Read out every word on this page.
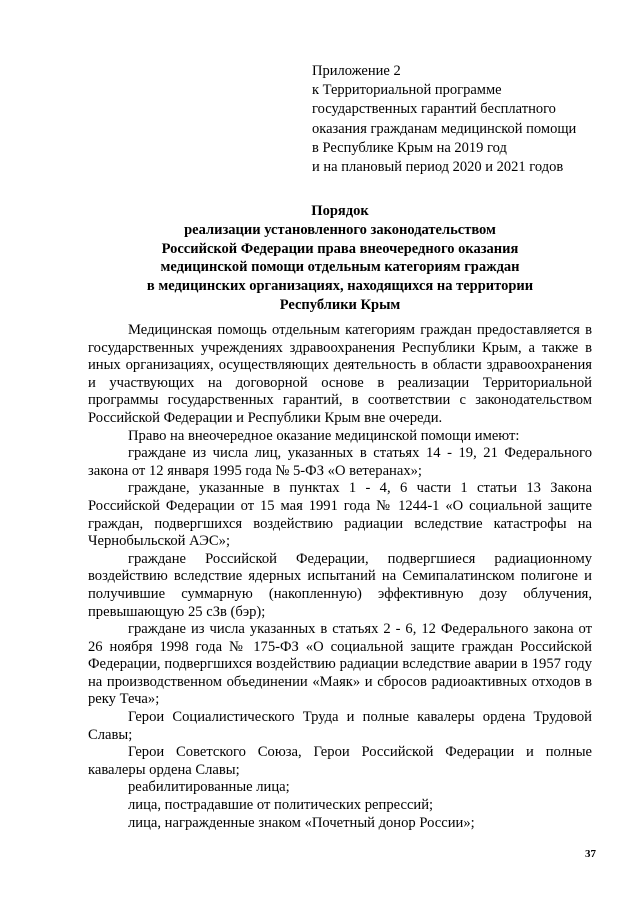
Приложение 2
к Территориальной программе
государственных гарантий бесплатного
оказания гражданам медицинской помощи
в Республике Крым на 2019 год
и на плановый период 2020 и 2021 годов
Порядок
реализации установленного законодательством
Российской Федерации права внеочередного оказания
медицинской помощи отдельным категориям граждан
в медицинских организациях, находящихся на территории
Республики Крым

Медицинская помощь отдельным категориям граждан предоставляется в государственных учреждениях здравоохранения Республики Крым, а также в иных организациях, осуществляющих деятельность в области здравоохранения и участвующих на договорной основе в реализации Территориальной программы государственных гарантий, в соответствии с законодательством Российской Федерации и Республики Крым вне очереди.

Право на внеочередное оказание медицинской помощи имеют:

граждане из числа лиц, указанных в статьях 14 - 19, 21 Федерального закона от 12 января 1995 года № 5-ФЗ «О ветеранах»;

граждане, указанные в пунктах 1 - 4, 6 части 1 статьи 13 Закона Российской Федерации от 15 мая 1991 года № 1244-1 «О социальной защите граждан, подвергшихся воздействию радиации вследствие катастрофы на Чернобыльской АЭС»;

граждане Российской Федерации, подвергшиеся радиационному воздействию вследствие ядерных испытаний на Семипалатинском полигоне и получившие суммарную (накопленную) эффективную дозу облучения, превышающую 25 сЗв (бэр);

граждане из числа указанных в статьях 2 - 6, 12 Федерального закона от 26 ноября 1998 года № 175-ФЗ «О социальной защите граждан Российской Федерации, подвергшихся воздействию радиации вследствие аварии в 1957 году на производственном объединении «Маяк» и сбросов радиоактивных отходов в реку Теча»;

Герои Социалистического Труда и полные кавалеры ордена Трудовой Славы;

Герои Советского Союза, Герои Российской Федерации и полные кавалеры ордена Славы;

реабилитированные лица;

лица, пострадавшие от политических репрессий;

лица, награжденные знаком «Почетный донор России»;

37
